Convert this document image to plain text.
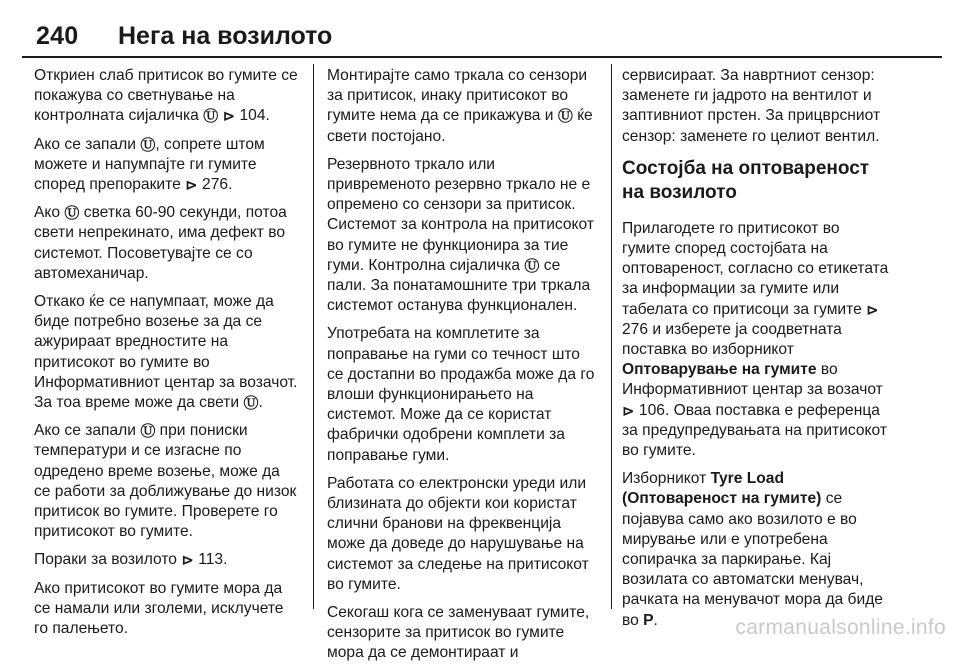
240 Нега на возилото

Откриен слаб притисок во гумите се покажува со светнување на контролната сијаличка Ⓤ ⊳ 104.

Ако се запали Ⓤ, сопрете штом можете и напумпајте ги гумите според препораките ⊳ 276.

Ако Ⓤ светка 60-90 секунди, потоа свети непрекинато, има дефект во системот. Посоветувајте се со автомеханичар.

Откако ќе се напумпаат, може да биде потребно возење за да се ажурираат вредностите на притисокот во гумите во Информативниот центар за возачот. За тоа време може да свети Ⓤ.

Ако се запали Ⓤ при пониски температури и се изгасне по одредено време возење, може да се работи за доближување до низок притисок во гумите. Проверете го притисокот во гумите.

Пораки за возилото ⊳ 113.

Ако притисокот во гумите мора да се намали или зголеми, исклучете го палењето.

Монтирајте само тркала со сензори за притисок, инаку притисокот во гумите нема да се прикажува и Ⓤ ќе свети постојано.

Резервното тркало или привременото резервно тркало не е опремено со сензори за притисок. Системот за контрола на притисокот во гумите не функционира за тие гуми. Контролна сијаличка Ⓤ се пали. За понатамошните три тркала системот останува функционален.

Употребата на комплетите за поправање на гуми со течност што се достапни во продажба може да го влоши функционирањето на системот. Може да се користат фабрички одобрени комплети за поправање гуми.

Работата со електронски уреди или близината до објекти кои користат слични бранови на фреквенција може да доведе до нарушување на системот за следење на притисокот во гумите.

Секогаш кога се заменуваат гумите, сензорите за притисок во гумите мора да се демонтираат и

сервисираат. За навртниот сензор: заменете ги јадрото на вентилот и заптивниот прстен. За прицврсниот сензор: заменете го целиот вентил.

Состојба на оптовареност на возилото

Прилагодете го притисокот во гумите според состојбата на оптовареност, согласно со етикетата за информации за гумите или табелата со притисоци за гумите ⊳ 276 и изберете ја соодветната поставка во изборникот Оптоварување на гумите во Информативниот центар за возачот ⊳ 106. Оваа поставка е референца за предупредувањата на притисокот во гумите.

Изборникот Tyre Load (Оптовареност на гумите) се појавува само ако возилото е во мирување или е употребена сопирачка за паркирање. Кај возилата со автоматски менувач, рачката на менувачот мора да биде во P.	carmanualsonline.info
